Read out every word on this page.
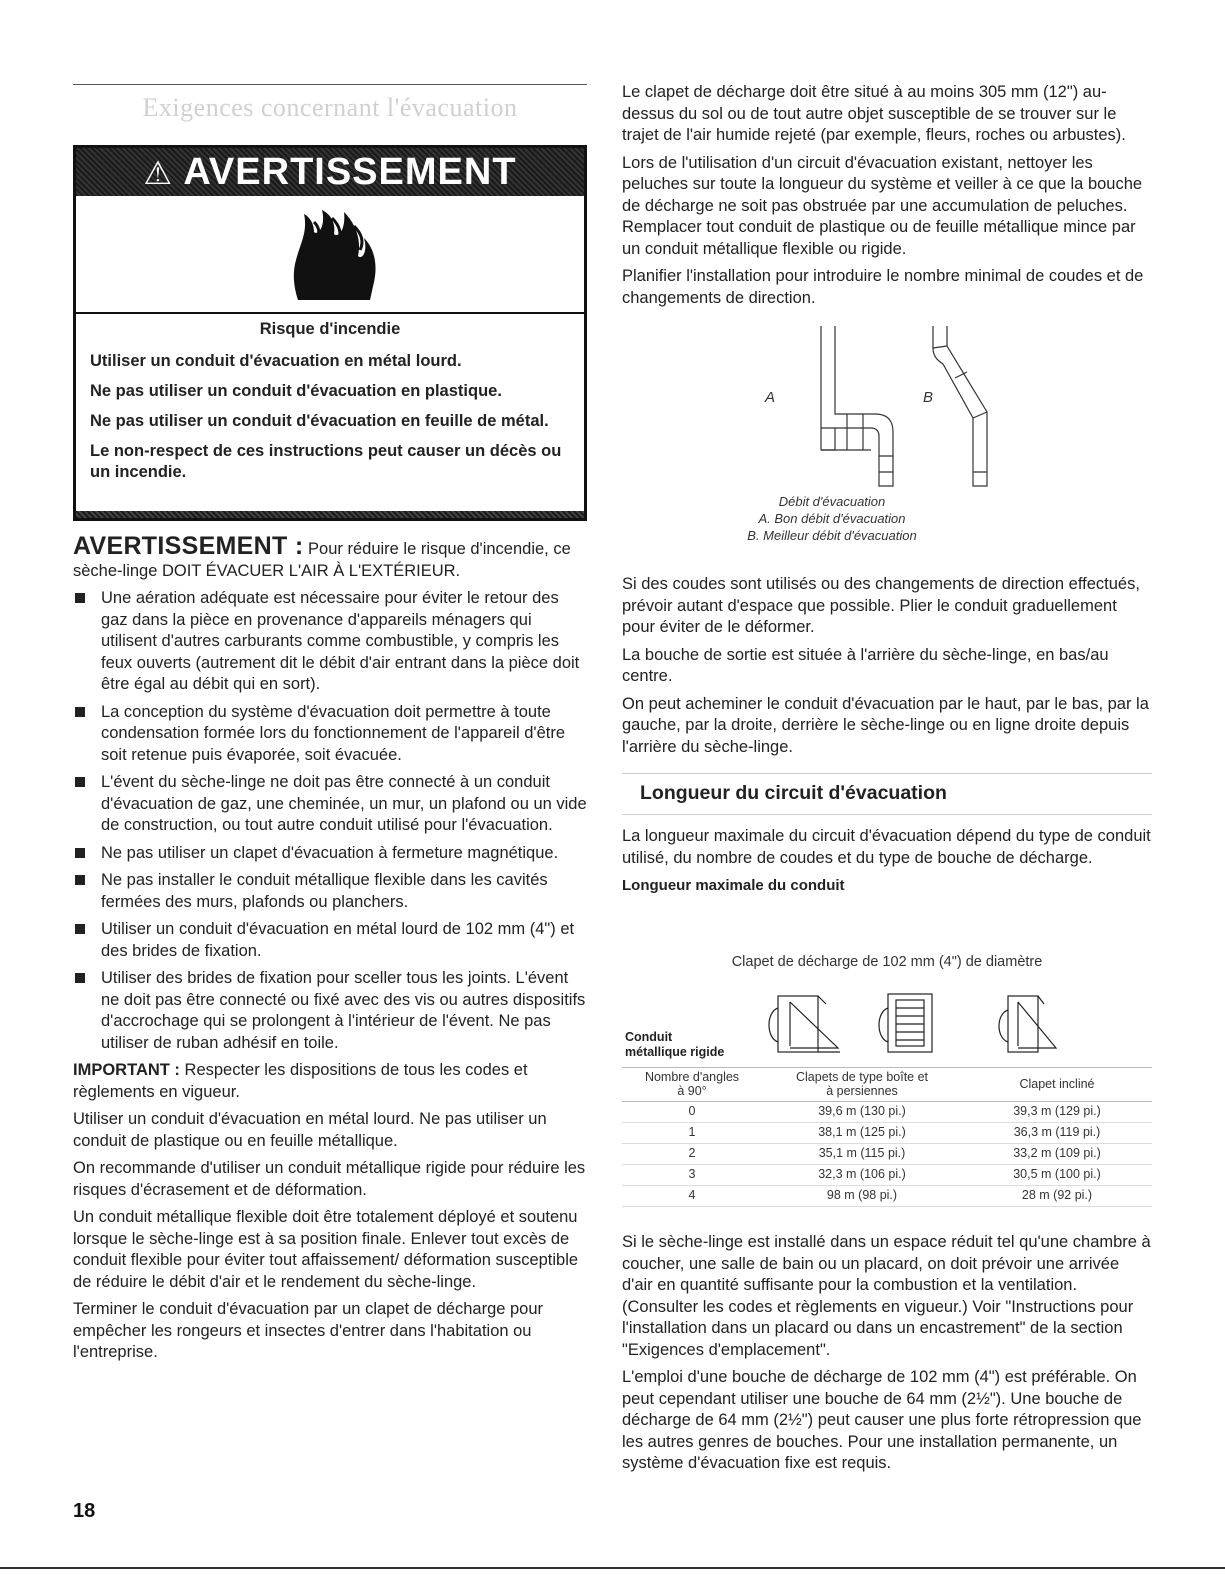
Exigences concernant l'évacuation
⚠ AVERTISSEMENT

Risque d'incendie

Utiliser un conduit d'évacuation en métal lourd.

Ne pas utiliser un conduit d'évacuation en plastique.

Ne pas utiliser un conduit d'évacuation en feuille de métal.

Le non-respect de ces instructions peut causer un décès ou un incendie.

AVERTISSEMENT : Pour réduire le risque d'incendie, ce sèche-linge DOIT ÉVACUER L'AIR À L'EXTÉRIEUR.

Une aération adéquate est nécessaire pour éviter le retour des gaz dans la pièce en provenance d'appareils ménagers qui utilisent d'autres carburants comme combustible, y compris les feux ouverts (autrement dit le débit d'air entrant dans la pièce doit être égal au débit qui en sort).
La conception du système d'évacuation doit permettre à toute condensation formée lors du fonctionnement de l'appareil d'être soit retenue puis évaporée, soit évacuée.
L'évent du sèche-linge ne doit pas être connecté à un conduit d'évacuation de gaz, une cheminée, un mur, un plafond ou un vide de construction, ou tout autre conduit utilisé pour l'évacuation.
Ne pas utiliser un clapet d'évacuation à fermeture magnétique.
Ne pas installer le conduit métallique flexible dans les cavités fermées des murs, plafonds ou planchers.
Utiliser un conduit d'évacuation en métal lourd de 102 mm (4") et des brides de fixation.
Utiliser des brides de fixation pour sceller tous les joints. L'évent ne doit pas être connecté ou fixé avec des vis ou autres dispositifs d'accrochage qui se prolongent à l'intérieur de l'évent. Ne pas utiliser de ruban adhésif en toile.

IMPORTANT : Respecter les dispositions de tous les codes et règlements en vigueur.

Utiliser un conduit d'évacuation en métal lourd. Ne pas utiliser un conduit de plastique ou en feuille métallique.

On recommande d'utiliser un conduit métallique rigide pour réduire les risques d'écrasement et de déformation.

Un conduit métallique flexible doit être totalement déployé et soutenu lorsque le sèche-linge est à sa position finale. Enlever tout excès de conduit flexible pour éviter tout affaissement/ déformation susceptible de réduire le débit d'air et le rendement du sèche-linge.

Terminer le conduit d'évacuation par un clapet de décharge pour empêcher les rongeurs et insectes d'entrer dans l'habitation ou l'entreprise.

Le clapet de décharge doit être situé à au moins 305 mm (12") au-dessus du sol ou de tout autre objet susceptible de se trouver sur le trajet de l'air humide rejeté (par exemple, fleurs, roches ou arbustes).

Lors de l'utilisation d'un circuit d'évacuation existant, nettoyer les peluches sur toute la longueur du système et veiller à ce que la bouche de décharge ne soit pas obstruée par une accumulation de peluches. Remplacer tout conduit de plastique ou de feuille métallique mince par un conduit métallique flexible ou rigide.

Planifier l'installation pour introduire le nombre minimal de coudes et de changements de direction.

A	B
Débit d'évacuation
A. Bon débit d'évacuation
B. Meilleur débit d'évacuation

Si des coudes sont utilisés ou des changements de direction effectués, prévoir autant d'espace que possible. Plier le conduit graduellement pour éviter de le déformer.

La bouche de sortie est située à l'arrière du sèche-linge, en bas/au centre.

On peut acheminer le conduit d'évacuation par le haut, par le bas, par la gauche, par la droite, derrière le sèche-linge ou en ligne droite depuis l'arrière du sèche-linge.

Longueur du circuit d'évacuation

La longueur maximale du circuit d'évacuation dépend du type de conduit utilisé, du nombre de coudes et du type de bouche de décharge.

Longueur maximale du conduit

Clapet de décharge de 102 mm (4") de diamètre
Conduit
métallique rigide
Nombre d'angles
à 90°	Clapets de type boîte et
à persiennes	Clapet incliné
0	39,6 m (130 pi.)	39,3 m (129 pi.)
1	38,1 m (125 pi.)	36,3 m (119 pi.)
2	35,1 m (115 pi.)	33,2 m (109 pi.)
3	32,3 m (106 pi.)	30,5 m (100 pi.)
4	98 m (98 pi.)	28 m (92 pi.)

Si le sèche-linge est installé dans un espace réduit tel qu'une chambre à coucher, une salle de bain ou un placard, on doit prévoir une arrivée d'air en quantité suffisante pour la combustion et la ventilation. (Consulter les codes et règlements en vigueur.) Voir "Instructions pour l'installation dans un placard ou dans un encastrement" de la section "Exigences d'emplacement".

L'emploi d'une bouche de décharge de 102 mm (4") est préférable. On peut cependant utiliser une bouche de 64 mm (2½"). Une bouche de décharge de 64 mm (2½") peut causer une plus forte rétropression que les autres genres de bouches. Pour une installation permanente, un système d'évacuation fixe est requis.

18
